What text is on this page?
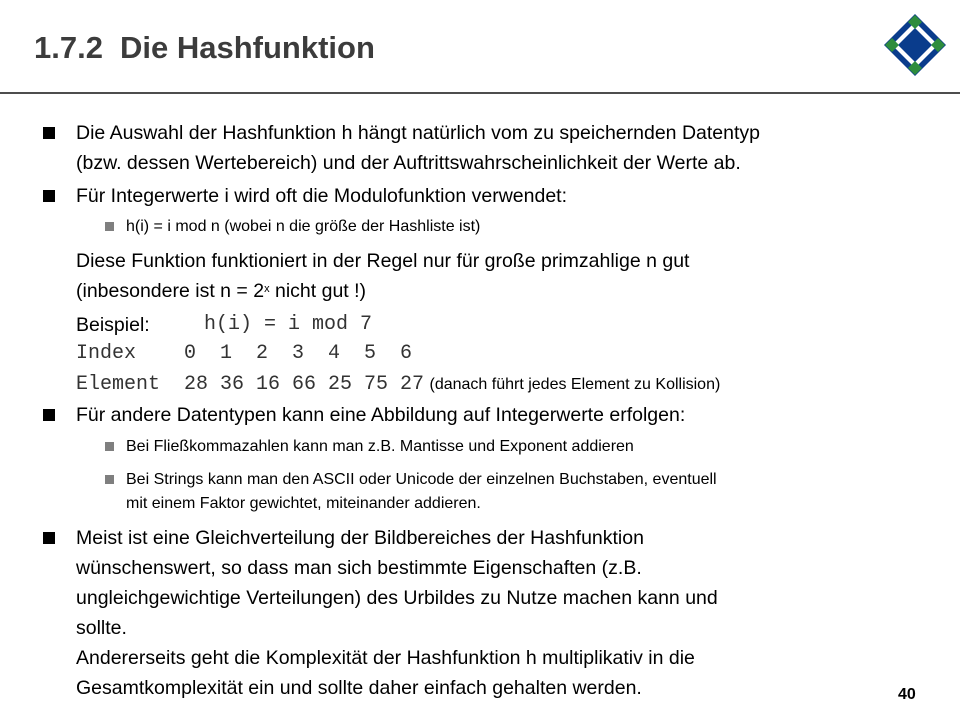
1.7.2 Die Hashfunktion
Die Auswahl der Hashfunktion h hängt natürlich vom zu speichernden Datentyp
(bzw. dessen Wertebereich) und der Auftrittswahrscheinlichkeit der Werte ab.
Für Integerwerte i wird oft die Modulofunktion verwendet:
h(i) = i mod n (wobei n die größe der Hashliste ist)
Diese Funktion funktioniert in der Regel nur für große primzahlige n gut
(inbesondere ist $n = 2^x$ nicht gut !)
Beispiel:	h(i) = i mod 7
Index    0  1  2  3  4  5  6
Element  28 36 16 66 25 75 27 (danach führt jedes Element zu Kollision)
Für andere Datentypen kann eine Abbildung auf Integerwerte erfolgen:
Bei Fließkommazahlen kann man z.B. Mantisse und Exponent addieren
Bei Strings kann man den ASCII oder Unicode der einzelnen Buchstaben, eventuell
mit einem Faktor gewichtet, miteinander addieren.
Meist ist eine Gleichverteilung der Bildbereiches der Hashfunktion
wünschenswert, so dass man sich bestimmte Eigenschaften (z.B.
ungleichgewichtige Verteilungen) des Urbildes zu Nutze machen kann und
sollte.
Andererseits geht die Komplexität der Hashfunktion h multiplikativ in die
Gesamtkomplexität ein und sollte daher einfach gehalten werden.	40
